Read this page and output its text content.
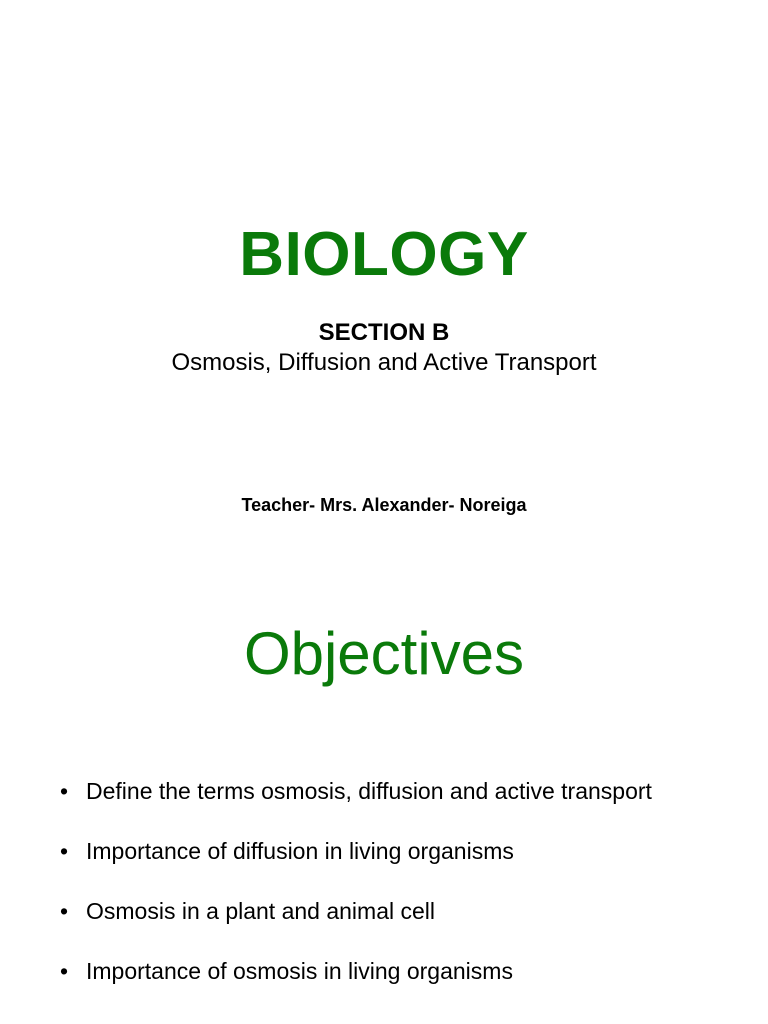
BIOLOGY
SECTION B
Osmosis, Diffusion and Active Transport
Teacher- Mrs. Alexander- Noreiga
Objectives
• Define the terms osmosis, diffusion and active transport
• Importance of diffusion in living organisms
• Osmosis in a plant and animal cell
• Importance of osmosis in living organisms
